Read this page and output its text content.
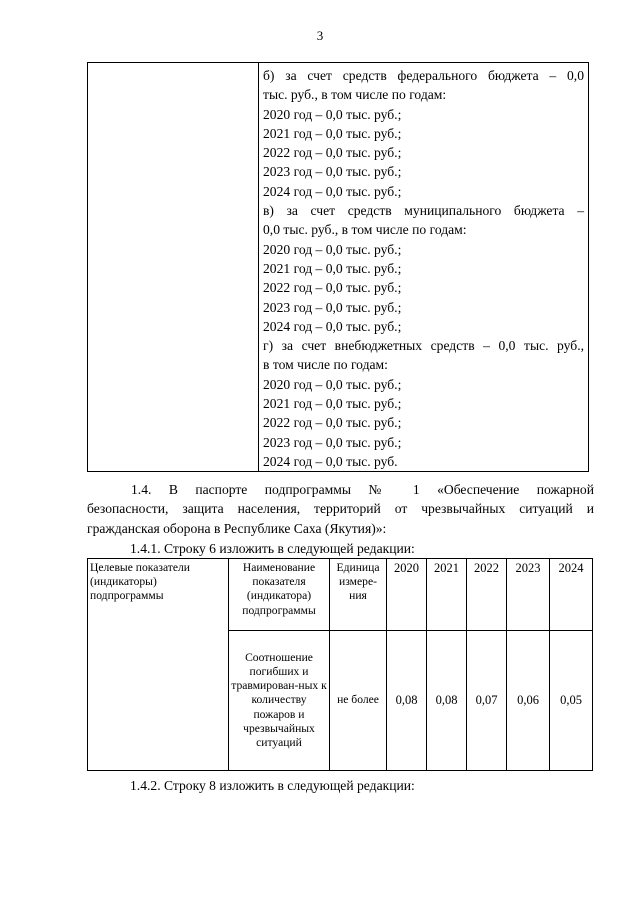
3

б) за счет средств федерального бюджета – 0,0
тыс. руб., в том числе по годам:
2020 год – 0,0 тыс. руб.;
2021 год – 0,0 тыс. руб.;
2022 год – 0,0 тыс. руб.;
2023 год – 0,0 тыс. руб.;
2024 год – 0,0 тыс. руб.;
в) за счет средств муниципального бюджета –
0,0 тыс. руб., в том числе по годам:
2020 год – 0,0 тыс. руб.;
2021 год – 0,0 тыс. руб.;
2022 год – 0,0 тыс. руб.;
2023 год – 0,0 тыс. руб.;
2024 год – 0,0 тыс. руб.;
г) за счет внебюджетных средств – 0,0 тыс. руб.,
в том числе по годам:
2020 год – 0,0 тыс. руб.;
2021 год – 0,0 тыс. руб.;
2022 год – 0,0 тыс. руб.;
2023 год – 0,0 тыс. руб.;
2024 год – 0,0 тыс. руб.
1.4. В паспорте подпрограммы № 1 «Обеспечение пожарной
безопасности, защита населения, территорий от чрезвычайных ситуаций и
гражданская оборона в Республике Саха (Якутия)»:
1.4.1. Строку 6 изложить в следующей редакции:
Целевые показатели (индикаторы) подпрограммы	Наименование показателя (индикатора) подпрограммы	Единица измере-ния	2020	2021	2022	2023	2024
	Соотношение погибших и травмирован-ных к количеству пожаров и чрезвычайных ситуаций	не более	0,08	0,08	0,07	0,06	0,05
1.4.2. Строку 8 изложить в следующей редакции:
